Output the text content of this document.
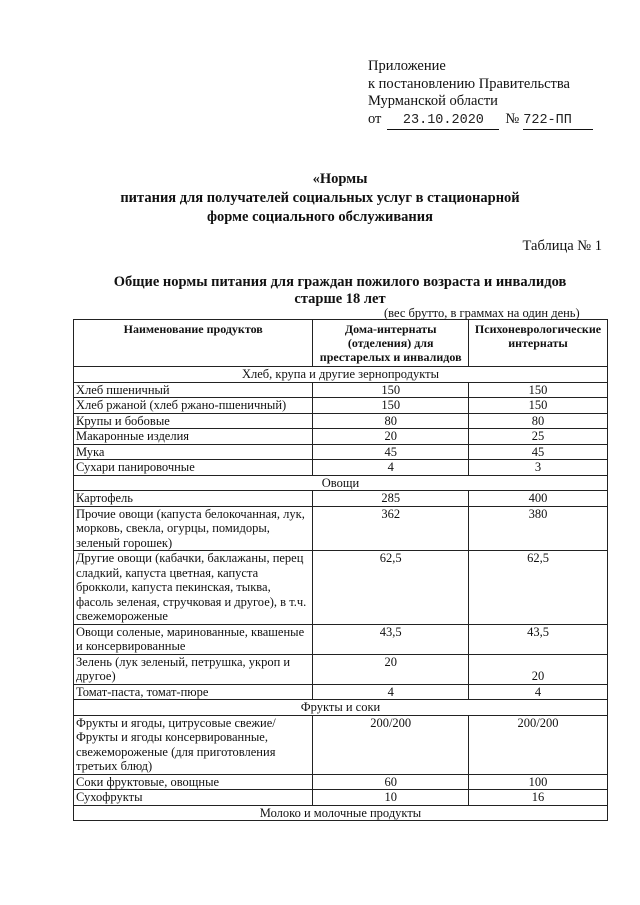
Приложение
к постановлению Правительства
Мурманской области
от 23.10.2020 № 722-ПП
«Нормы
питания для получателей социальных услуг в стационарной
форме социального обслуживания
Таблица № 1
Общие нормы питания для граждан пожилого возраста и инвалидов
старше 18 лет
(вес брутто, в граммах на один день)
Наименование продуктов	Дома-интернаты (отделения) для престарелых и инвалидов	Психоневрологические интернаты
Хлеб, крупа и другие зернопродукты		
Хлеб пшеничный	150	150
Хлеб ржаной (хлеб ржано-пшеничный)	150	150
Крупы и бобовые	80	80
Макаронные изделия	20	25
Мука	45	45
Сухари панировочные	4	3
Овощи		
Картофель	285	400
Прочие овощи (капуста белокочанная, лук, морковь, свекла, огурцы, помидоры, зеленый горошек)	362	380
Другие овощи (кабачки, баклажаны, перец сладкий, капуста цветная, капуста брокколи, капуста пекинская, тыква, фасоль зеленая, стручковая и другое), в т.ч. свежемороженые	62,5	62,5
Овощи соленые, маринованные, квашеные и консервированные	43,5	43,5
Зелень (лук зеленый, петрушка, укроп и другое)	20	20
Томат-паста, томат-пюре	4	4
Фрукты и соки		
Фрукты и ягоды, цитрусовые свежие/Фрукты и ягоды консервированные, свежемороженые (для приготовления третьих блюд)	200/200	200/200
Соки фруктовые, овощные	60	100
Сухофрукты	10	16
Молоко и молочные продукты		
